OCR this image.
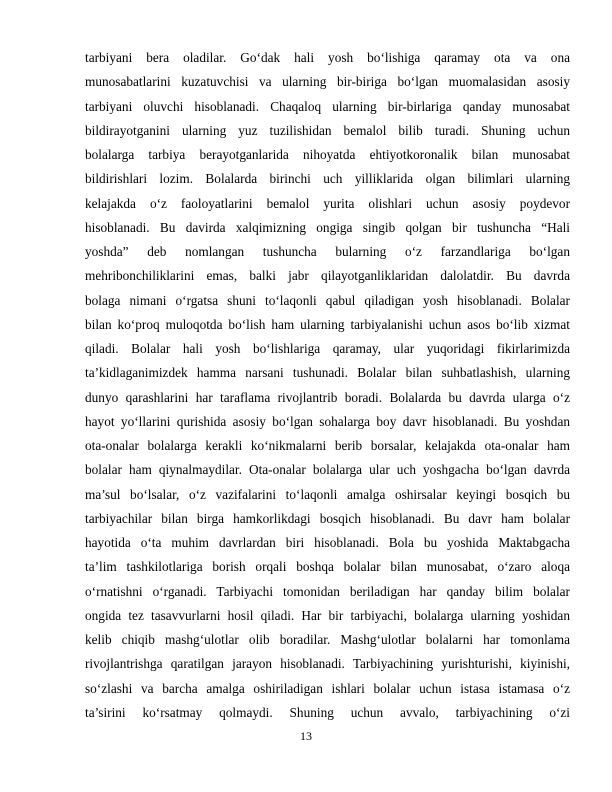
tarbiyani bera oladilar. Go‘dak hali yosh bo‘lishiga qaramay ota va ona
munosabatlarini kuzatuvchisi va ularning bir-biriga bo‘lgan muomalasidan asosiy
tarbiyani oluvchi hisoblanadi. Chaqaloq ularning bir-birlariga qanday munosabat
bildirayotganini ularning yuz tuzilishidan bemalol bilib turadi. Shuning uchun
bolalarga tarbiya berayotganlarida nihoyatda ehtiyotkoronalik bilan munosabat
bildirishlari lozim. Bolalarda birinchi uch yilliklarida olgan bilimlari ularning
kelajakda o‘z faoloyatlarini bemalol yurita olishlari uchun asosiy poydevor
hisoblanadi. Bu davirda xalqimizning ongiga singib qolgan bir tushuncha “Hali
yoshda” deb nomlangan tushuncha bularning o‘z farzandlariga bo‘lgan
mehribonchiliklarini emas, balki jabr qilayotganliklaridan dalolatdir. Bu davrda
bolaga nimani o‘rgatsa shuni to‘laqonli qabul qiladigan yosh hisoblanadi. Bolalar
bilan ko‘proq muloqotda bo‘lish ham ularning tarbiyalanishi uchun asos bo‘lib xizmat
qiladi. Bolalar hali yosh bo‘lishlariga qaramay, ular yuqoridagi fikirlarimizda
ta’kidlaganimizdek hamma narsani tushunadi. Bolalar bilan suhbatlashish, ularning
dunyo qarashlarini har taraflama rivojlantrib boradi. Bolalarda bu davrda ularga o‘z
hayot yo‘llarini qurishida asosiy bo‘lgan sohalarga boy davr hisoblanadi. Bu yoshdan
ota-onalar bolalarga kerakli ko‘nikmalarni berib borsalar, kelajakda ota-onalar ham
bolalar ham qiynalmaydilar. Ota-onalar bolalarga ular uch yoshgacha bo‘lgan davrda
ma’sul bo‘lsalar, o‘z vazifalarini to‘laqonli amalga oshirsalar keyingi bosqich bu
tarbiyachilar bilan birga hamkorlikdagi bosqich hisoblanadi. Bu davr ham bolalar
hayotida o‘ta muhim davrlardan biri hisoblanadi. Bola bu yoshida Maktabgacha
ta’lim tashkilotlariga borish orqali boshqa bolalar bilan munosabat, o‘zaro aloqa
o‘rnatishni o‘rganadi. Tarbiyachi tomonidan beriladigan har qanday bilim bolalar
ongida tez tasavvurlarni hosil qiladi. Har bir tarbiyachi, bolalarga ularning yoshidan
kelib chiqib mashg‘ulotlar olib boradilar. Mashg‘ulotlar bolalarni har tomonlama
rivojlantrishga qaratilgan jarayon hisoblanadi. Tarbiyachining yurishturishi, kiyinishi,
so‘zlashi va barcha amalga oshiriladigan ishlari bolalar uchun istasa istamasa o‘z
ta’sirini ko‘rsatmay qolmaydi. Shuning uchun avvalo, tarbiyachining o‘zi
13
